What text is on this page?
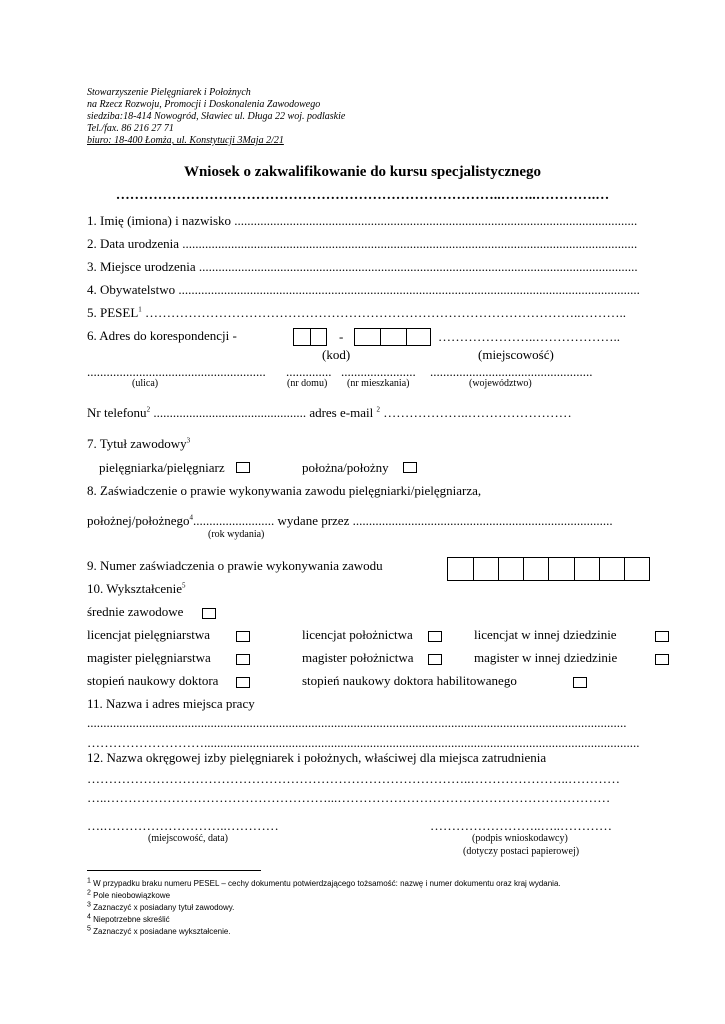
Stowarzyszenie Pielęgniarek i Położnych
na Rzecz Rozwoju, Promocji i Doskonalenia Zawodowego
siedziba:18-414 Nowogród, Sławiec ul. Długa 22 woj. podlaskie
Tel./fax. 86 216 27 71
biuro: 18-400 Łomża, ul. Konstytucji 3Maja 2/21
Wniosek o zakwalifikowanie do kursu specjalistycznego
………………………………………………………………………..……..………….…
1. Imię (imiona) i nazwisko ............................................................................................................................
2. Data urodzenia ............................................................................................................................................
3. Miejsce urodzenia .......................................................................................................................................
4. Obywatelstwo ..............................................................................................................................................
5. PESEL$^1$ ………………………………………………………………………………………..………..
6. Adres do korespondencji -	-	…………………..………………..
(kod)	(miejscowość)
....................................................... .............. ....................... ..................................................
(ulica)	(nr domu) (nr mieszkania)	(województwo)
Nr telefonu$^2$ ............................................... adres e-mail $^2$ ………………..……………………
7. Tytuł zawodowy$^3$
pielęgniarka/pielęgniarz	położna/położny
8. Zaświadczenie o prawie wykonywania zawodu pielęgniarki/pielęgniarza,
położnej/położnego$^4$......................... wydane przez ................................................................................
(rok wydania)
9. Numer zaświadczenia o prawie wykonywania zawodu
10. Wykształcenie$^5$
średnie zawodowe
licencjat pielęgniarstwa	licencjat położnictwa	licencjat w innej dziedzinie
magister pielęgniarstwa	magister położnictwa	magister w innej dziedzinie
stopień naukowy doktora	stopień naukowy doktora habilitowanego
11. Nazwa i adres miejsca pracy
......................................................................................................................................................................
………………………......................................................................................................................................
12. Nazwa okręgowej izby pielęgniarek i położnych, właściwej dla miejsca zatrudnienia
……………………………………………………………………………..…………………..…………
…..……………………………………………...………………………………………………………
….………………………..…………	……………………..…..…………
(miejscowość, data)	(podpis wnioskodawcy)
(dotyczy postaci papierowej)
$^1$ W przypadku braku numeru PESEL – cechy dokumentu potwierdzającego tożsamość: nazwę i numer dokumentu oraz kraj wydania.
$^2$ Pole nieobowiązkowe
$^3$ Zaznaczyć x posiadany tytuł zawodowy.
$^4$ Niepotrzebne skreślić
$^5$ Zaznaczyć x posiadane wykształcenie.
